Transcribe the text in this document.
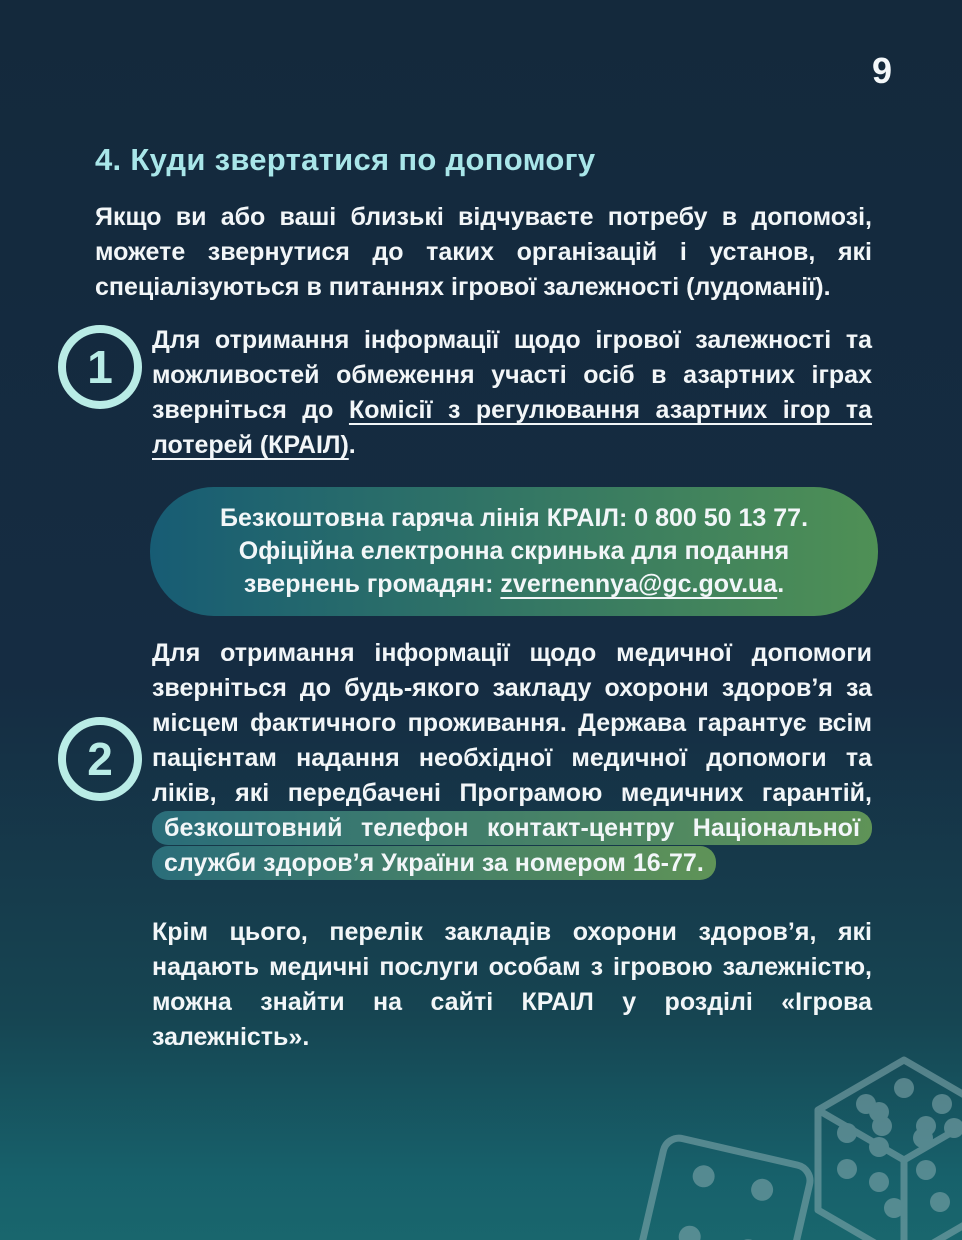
9
4. Куди звертатися по допомогу

Якщо ви або ваші близькі відчуваєте потребу в допомозі, можете звернутися до таких організацій і установ, які спеціалізуються в питаннях ігрової залежності (лудоманії).

1

Для отримання інформації щодо ігрової залежності та можливостей обмеження участі осіб в азартних іграх зверніться до Комісії з регулювання азартних ігор та лотерей (КРАІЛ).

Безкоштовна гаряча лінія КРАІЛ: 0 800 50 13 77.
Офіційна електронна скринька для подання звернень громадян: zvernennya@gc.gov.ua.
2

Для отримання інформації щодо медичної допомоги зверніться до будь-якого закладу охорони здоров’я за місцем фактичного проживання. Держава гарантує всім пацієнтам надання необхідної медичної допомоги та ліків, які передбачені Програмою медичних гарантій, безкоштовний телефон контакт-центру Національної служби здоров’я України за номером 16-77.

Крім цього, перелік закладів охорони здоров’я, які надають медичні послуги особам з ігровою залежністю, можна знайти на сайті КРАІЛ у розділі «Ігрова залежність».
